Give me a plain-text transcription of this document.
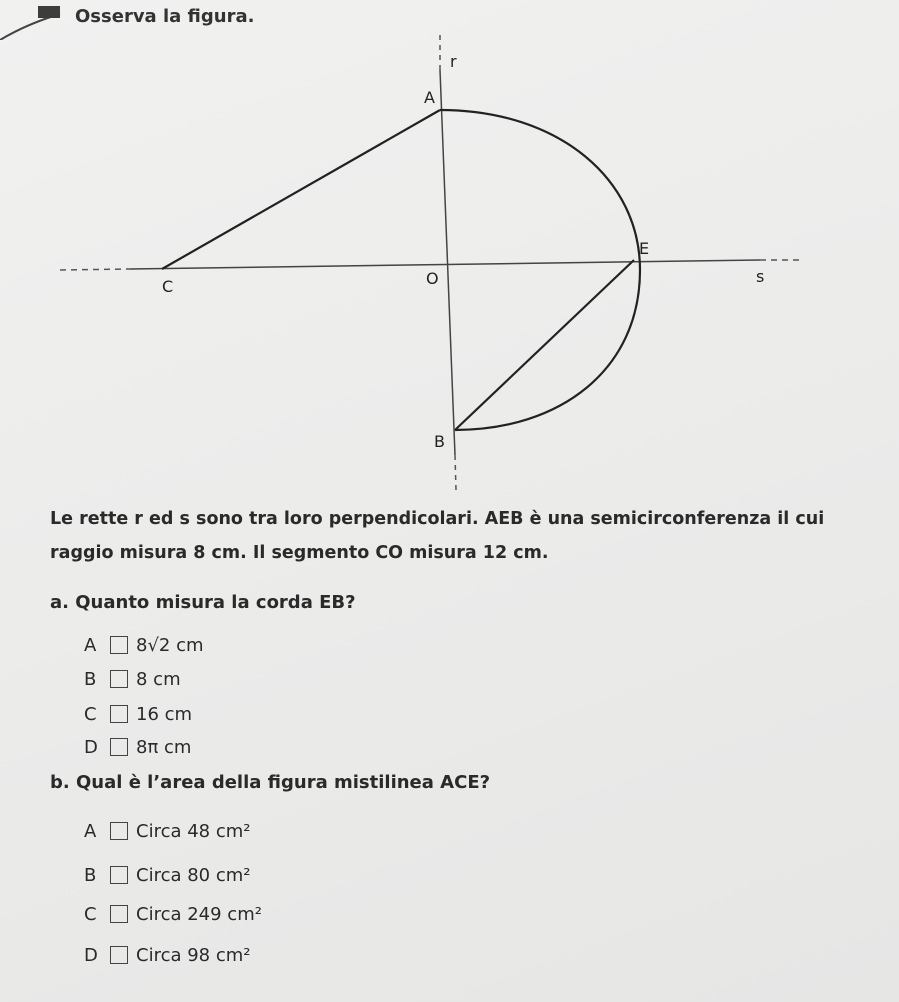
Osserva la figura.
r
A
E
C	O	s
B
Le rette r ed s sono tra loro perpendicolari. AEB è una semicirconferenza il cui
raggio misura 8 cm. Il segmento CO misura 12 cm.
a. Quanto misura la corda EB?
A	8√2 cm
B	8 cm
C	16 cm
D	8π cm
b. Qual è l’area della figura mistilinea ACE?
A	Circa 48 cm²
B	Circa 80 cm²
C	Circa 249 cm²
D	Circa 98 cm²
